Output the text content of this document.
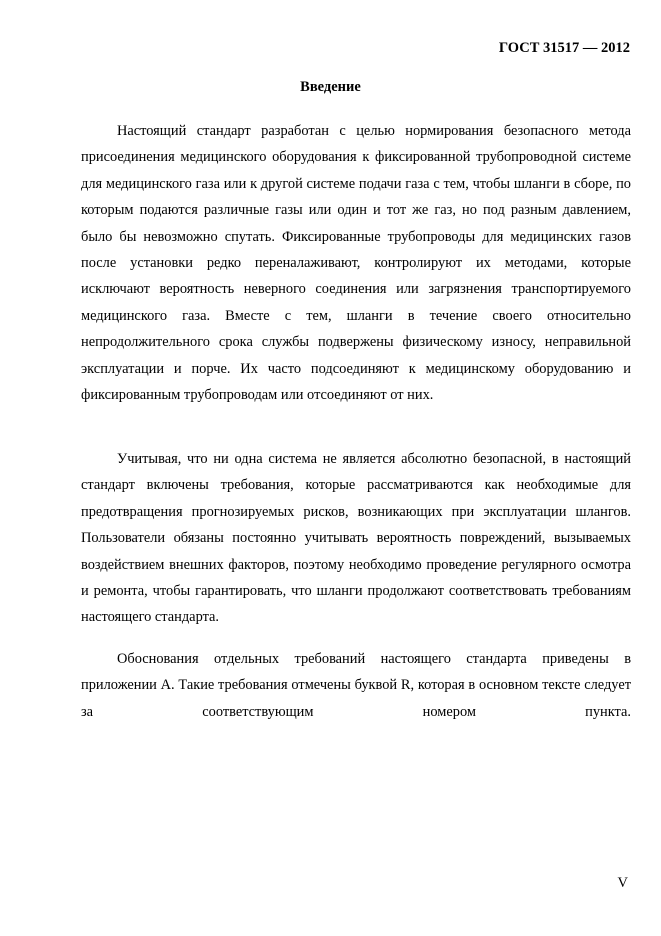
ГОСТ 31517 — 2012
Введение

Настоящий стандарт разработан с целью нормирования безопасного метода присоединения медицинского оборудования к фиксированной трубопроводной системе для медицинского газа или к другой системе подачи газа с тем, чтобы шланги в сборе, по которым подаются различные газы или один и тот же газ, но под разным давлением, было бы невозможно спутать. Фиксированные трубопроводы для медицинских газов после установки редко переналаживают, контролируют их методами, которые исключают вероятность неверного соединения или загрязнения транспортируемого медицинского газа. Вместе с тем, шланги в течение своего относительно непродолжительного срока службы подвержены физическому износу, неправильной эксплуатации и порче. Их часто подсоединяют к медицинскому оборудованию и фиксированным трубопроводам или отсоединяют от них.

Учитывая, что ни одна система не является абсолютно безопасной, в настоящий стандарт включены требования, которые рассматриваются как необходимые для предотвращения прогнозируемых рисков, возникающих при эксплуатации шлангов. Пользователи обязаны постоянно учитывать вероятность повреждений, вызываемых воздействием внешних факторов, поэтому необходимо проведение регулярного осмотра и ремонта, чтобы гарантировать, что шланги продолжают соответствовать требованиям настоящего стандарта.

Обоснования отдельных требований настоящего стандарта приведены в приложении А. Такие требования отмечены буквой R, которая в основном тексте следует за соответствующим номером пункта.

V
